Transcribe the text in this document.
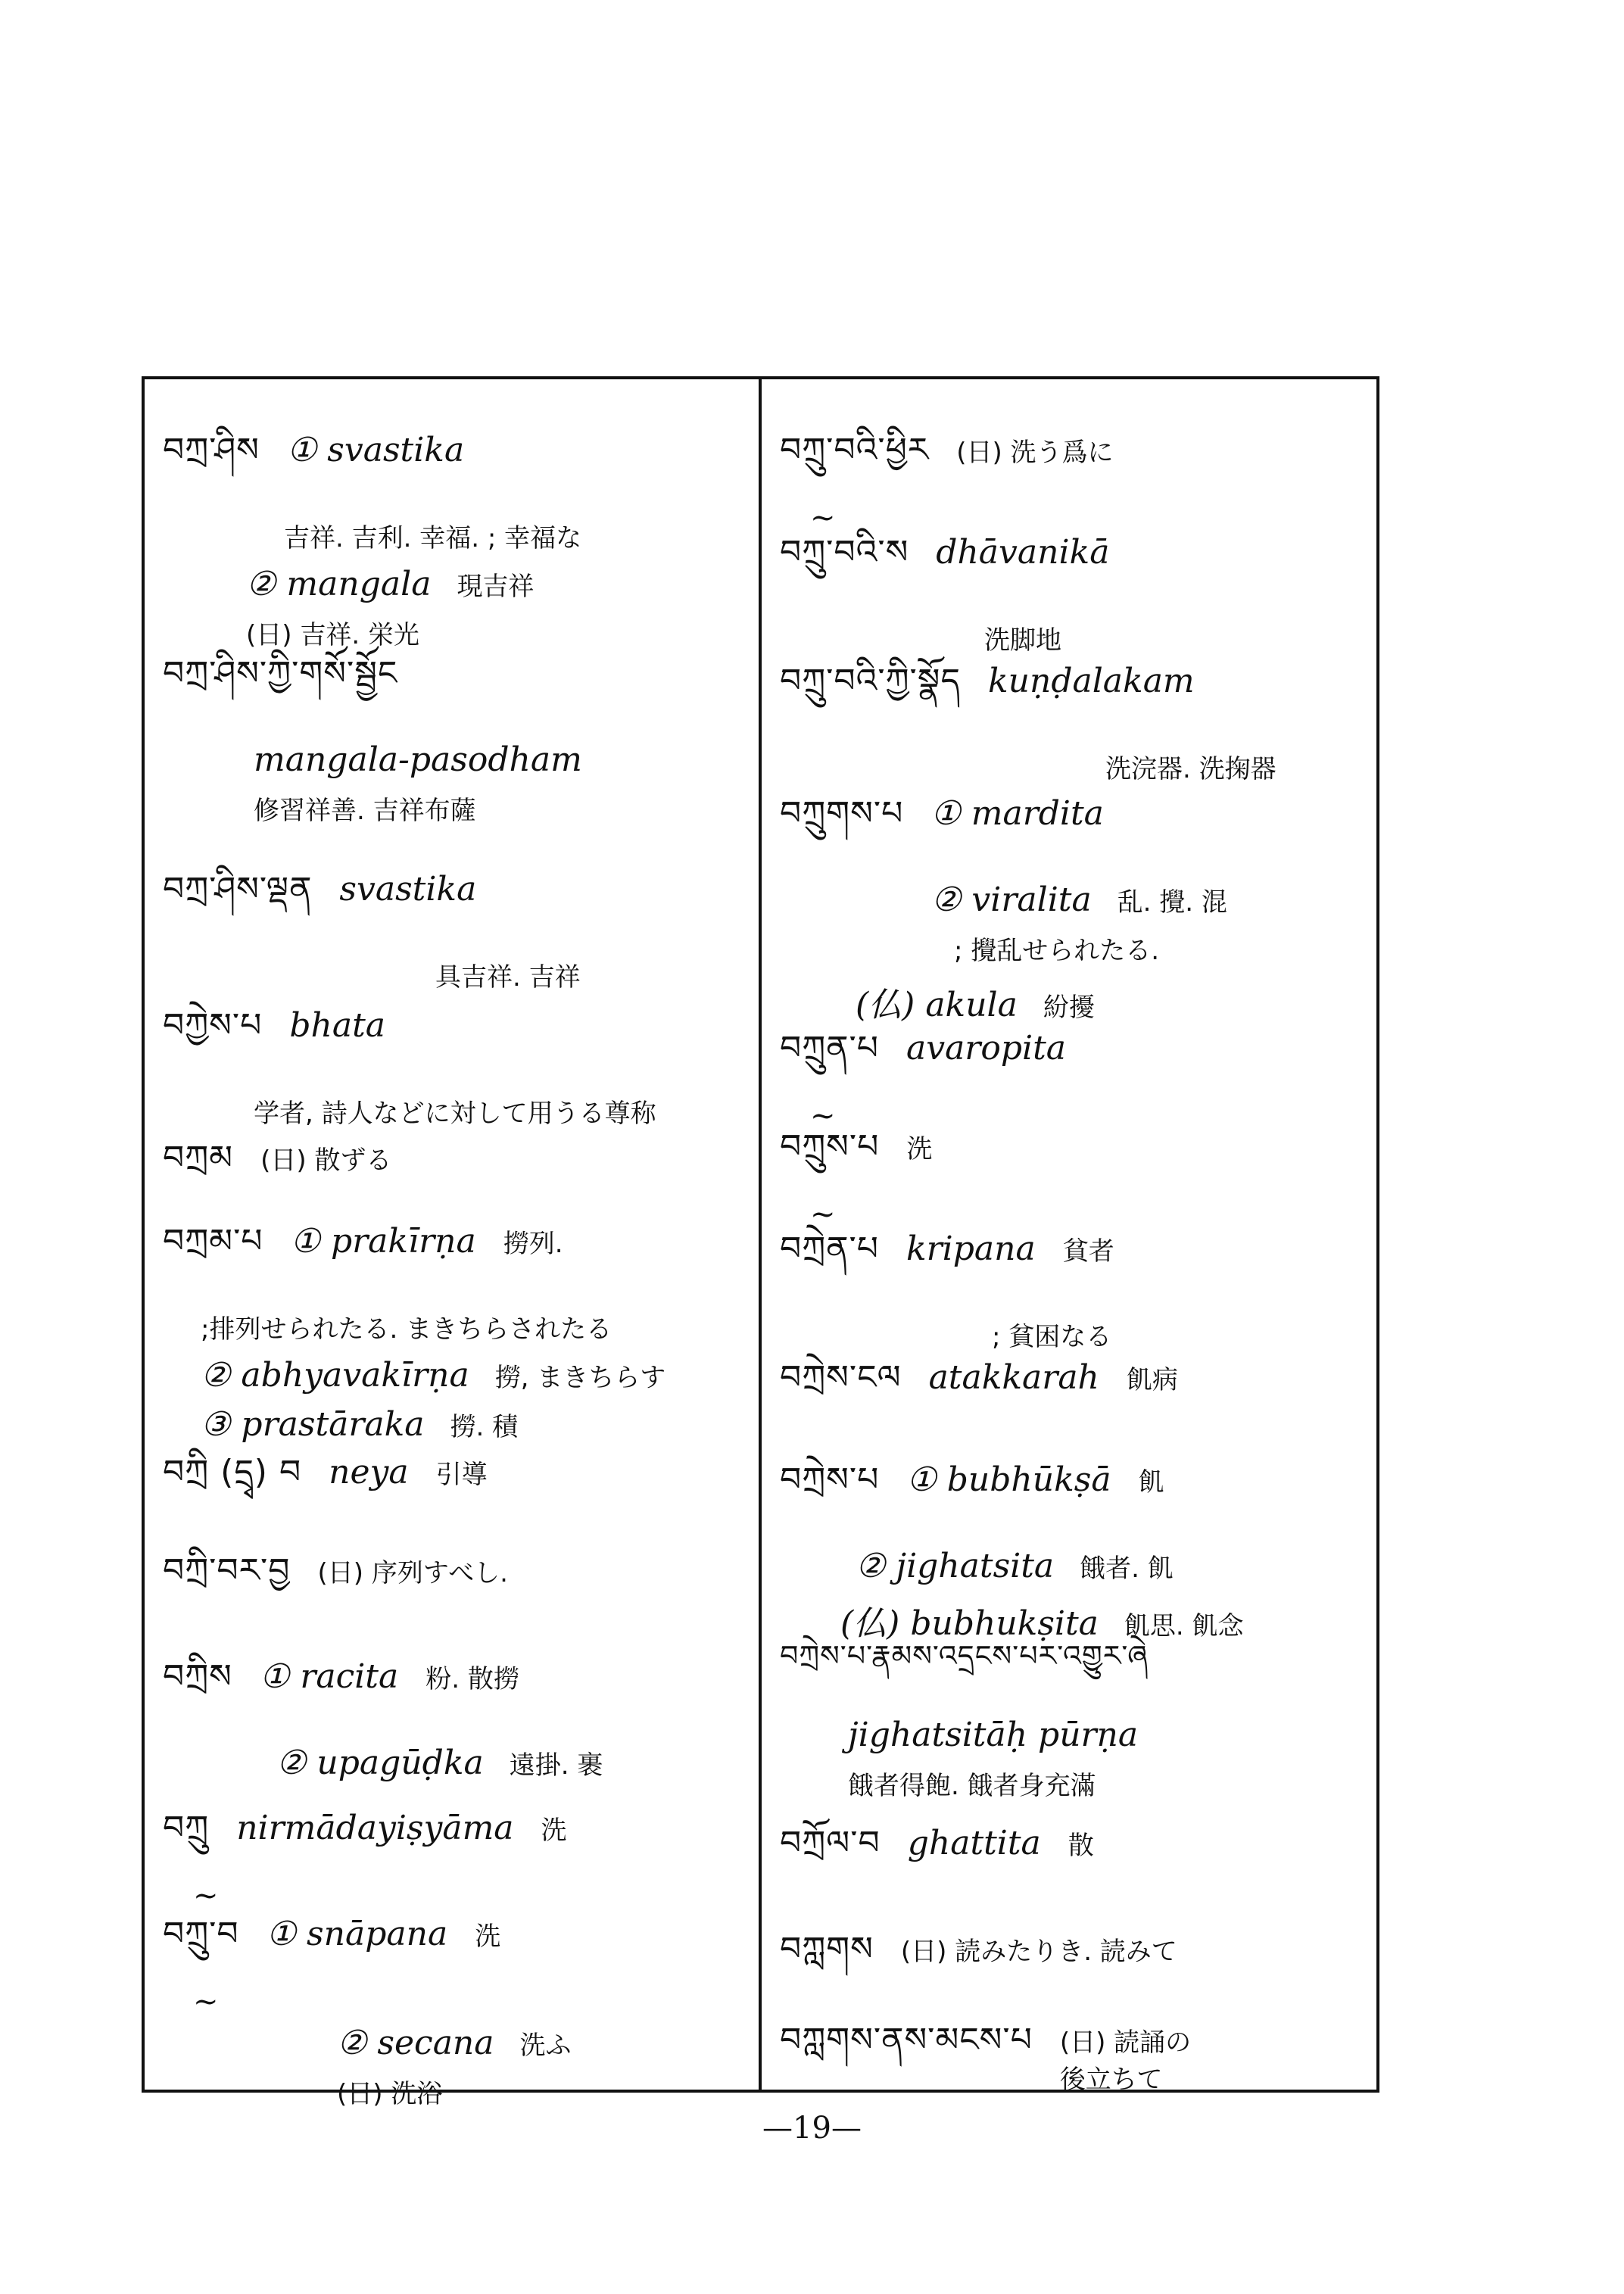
བཀྲ་ཤིས ① svastika
吉祥. 吉利. 幸福. ; 幸福な
② mangala 現吉祥
(日) 吉祥. 栄光
བཀྲ་ཤིས་ཀྱི་གསོ་སྦྱོང
mangala-pasodham
修習祥善. 吉祥布薩
བཀྲ་ཤིས་ལྡན svastika
具吉祥. 吉祥
བཀྱེས་པ bhata
学者, 詩人などに対して用うる尊称
བཀྲམ (日) 散ずる
བཀྲམ་པ ① prakīrṇa 撈列.
;排列せられたる. まきちらされたる
② abhyavakīrṇa 撈, まきちらす
③ prastāraka 撈. 積
བཀྲི (དྲྭ) བ neya 引導
བཀྲི་བར་བྱ (日) 序列すべし.
བཀྲིས ① racita 粉. 散撈
② upagūḍka 遠掛. 裹
བཀྲུ nirmādayiṣyāma 洗
~
བཀྲུ་བ ① snāpana 洗
~
② secana 洗ふ
(日) 洗浴
བཀྲུ་བའི་ཕྱིར (日) 洗う爲に
~
བཀྲུ་བའི་ས dhāvanikā
洗脚地
བཀྲུ་བའི་ཀྱི་སྣོད kuṇḍalakam
洗浣器. 洗掬器
བཀྲུགས་པ ① mardita
② viralita 乱. 攪. 混
; 攪乱せられたる.
(仏) akula 紛擾
བཀྲུན་པ avaropita
~
བཀྲུས་པ 洗
~
བཀྲེན་པ kripana 貧者
; 貧困なる
བཀྲེས་ངལ atakkarah 飢病
བཀྲེས་པ ① bubhūkṣā 飢
② jighatsita 餓者. 飢
(仏) bubhukṣita 飢思. 飢念
བཀྲེས་པ་རྣམས་འདྲངས་པར་འགྱུར་ཞེ
jighatsitāḥ pūrṇa
餓者得飽. 餓者身充滿
བཀྲོལ་བ ghattita 散
བཀླགས (日) 読みたりき. 読みて
བཀླགས་ནས་མངས་པ (日) 読誦の後立ちて
—19—
